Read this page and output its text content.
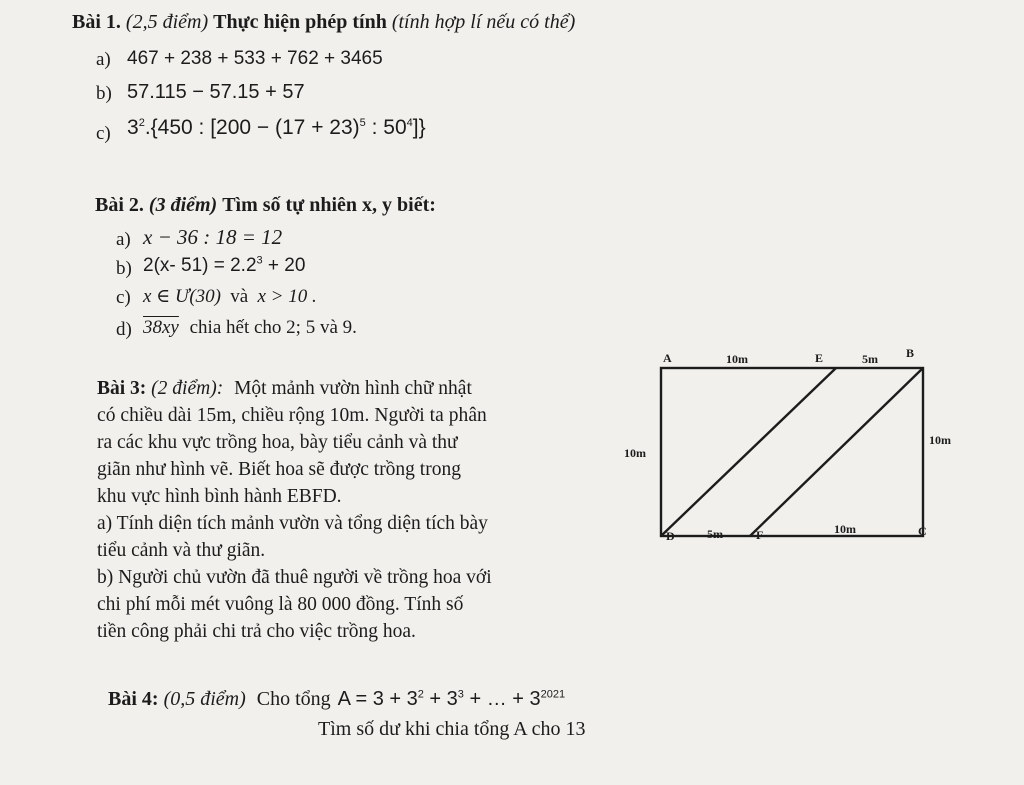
Bài 1. (2,5 điểm) Thực hiện phép tính (tính hợp lí nếu có thể)
a) 467 + 238 + 533 + 762 + 3465
b) 57.115 − 57.15 + 57
c) $3^2.\{450$ : [$200 - (17 + 23)^5$ : $50^4$]}
Bài 2. (3 điểm) Tìm số tự nhiên x, y biết:
a) x − 36 : 18 = 12
b) 2(x- $51) = 2.2^3 + 20$
c) x ∈ Ư(30) và x > 10 .
d) 38xy chia hết cho 2; 5 và 9.
Bài 3: (2 điểm): Một mảnh vườn hình chữ nhật
có chiều dài 15m, chiều rộng 10m. Người ta phân
ra các khu vực trồng hoa, bày tiểu cảnh và thư
giãn như hình vẽ. Biết hoa sẽ được trồng trong
khu vực hình bình hành EBFD.
a) Tính diện tích mảnh vườn và tổng diện tích bày
tiểu cảnh và thư giãn.
b) Người chủ vườn đã thuê người về trồng hoa với
chi phí mỗi mét vuông là 80 000 đồng. Tính số
tiền công phải chi trả cho việc trồng hoa.
A	E	B
D	F	C
10m	5m
10m
10m
5m	10m
Bài 4: (0,5 điểm) Cho tổng $A = 3 + 3^2 + 3^3$ + … + $3^{2021}$
Tìm số dư khi chia tổng A cho 13
